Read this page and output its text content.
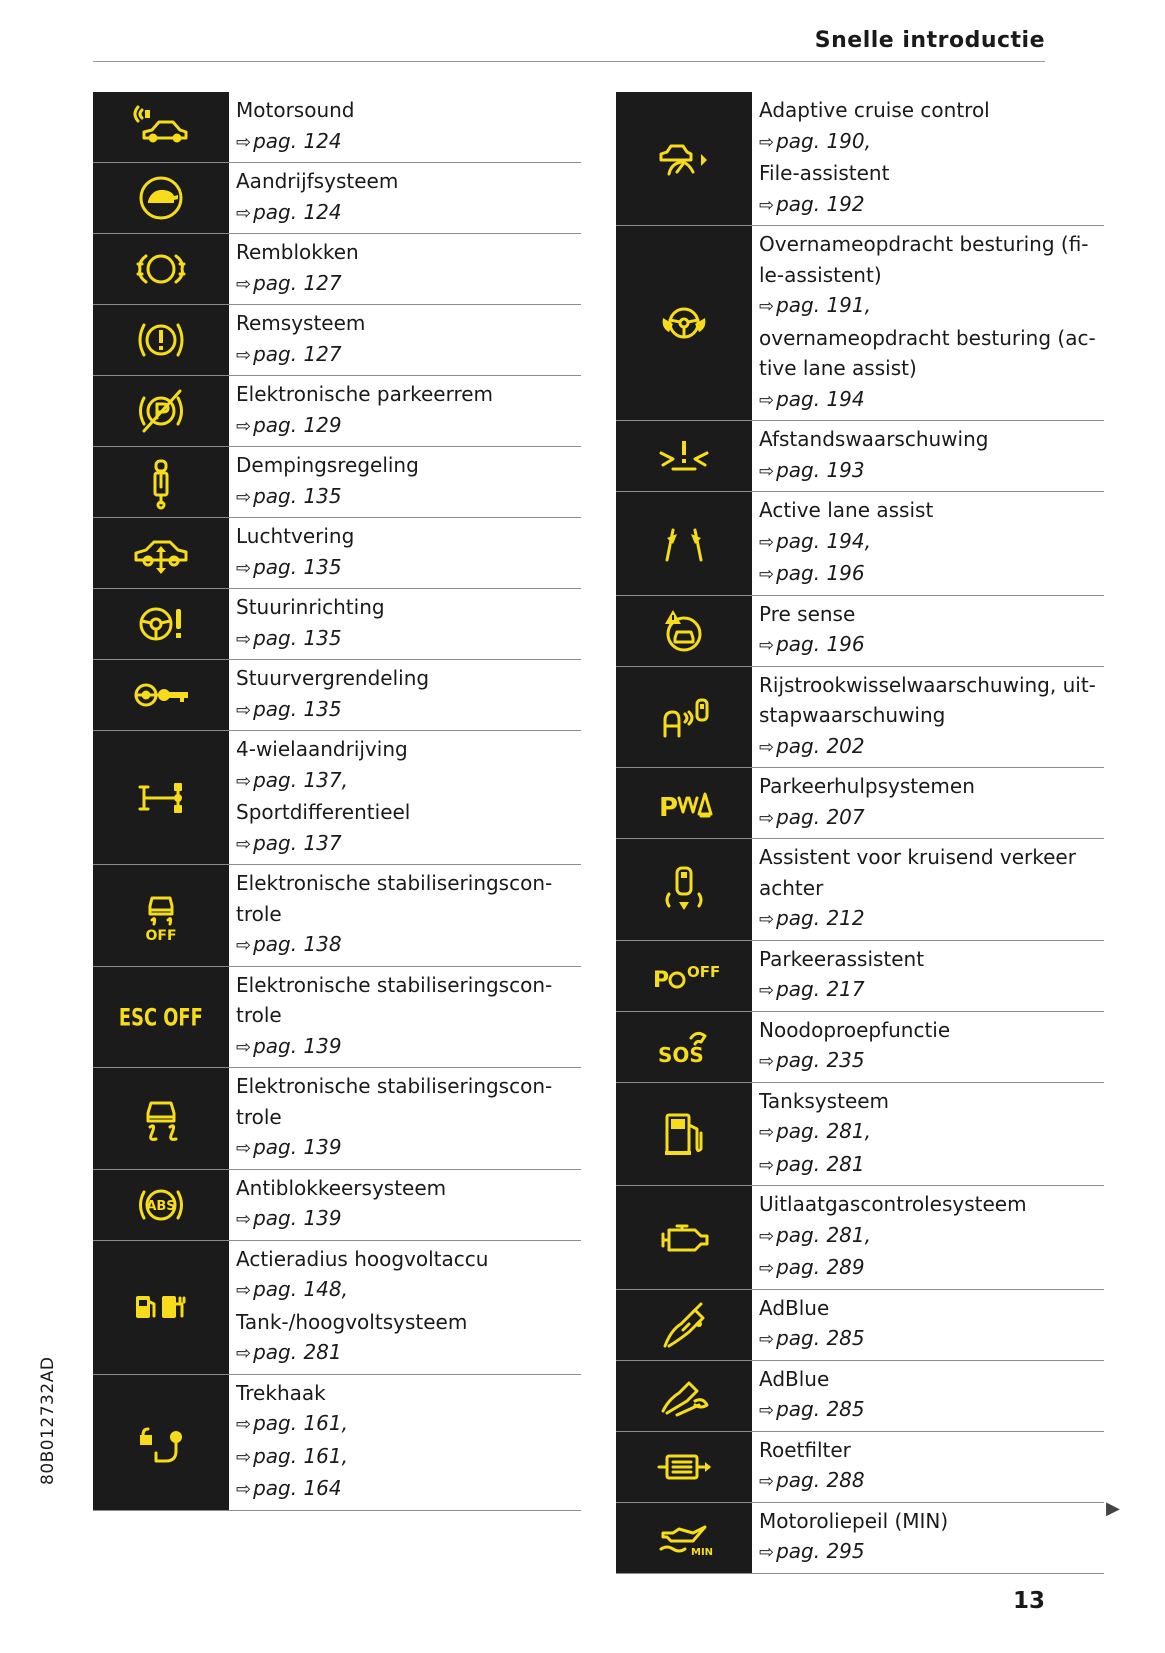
Snelle introductie
Motorsound
⇨ pag. 124
Aandrijfsysteem
⇨ pag. 124
Remblokken
⇨ pag. 127
Remsysteem
⇨ pag. 127
Elektronische parkeerrem
⇨ pag. 129
Dempingsregeling
⇨ pag. 135
Luchtvering
⇨ pag. 135
Stuurinrichting
⇨ pag. 135
Stuurvergrendeling
⇨ pag. 135
4-wielaandrijving
⇨ pag. 137,
Sportdifferentieel
⇨ pag. 137
OFF
Elektronische stabiliseringscon-
trole
⇨ pag. 138
ESC OFF
Elektronische stabiliseringscon-
trole
⇨ pag. 139
Elektronische stabiliseringscon-
trole
⇨ pag. 139
ABS
Antiblokkeersysteem
⇨ pag. 139
Actieradius hoogvoltaccu
⇨ pag. 148,
Tank-/hoogvoltsysteem
⇨ pag. 281
Trekhaak
⇨ pag. 161,
⇨ pag. 161,
⇨ pag. 164
Adaptive cruise control
⇨ pag. 190,
File-assistent
⇨ pag. 192
Overnameopdracht besturing (fi-
le-assistent)
⇨ pag. 191,
overnameopdracht besturing (ac-
tive lane assist)
⇨ pag. 194
Afstandswaarschuwing
⇨ pag. 193
Active lane assist
⇨ pag. 194,
⇨ pag. 196
Pre sense
⇨ pag. 196
Rijstrookwisselwaarschuwing, uit-
stapwaarschuwing
⇨ pag. 202
P
Parkeerhulpsystemen
⇨ pag. 207
Assistent voor kruisend verkeer
achter
⇨ pag. 212
P OFF
Parkeerassistent
⇨ pag. 217
SOS
Noodoproepfunctie
⇨ pag. 235
Tanksysteem
⇨ pag. 281,
⇨ pag. 281
Uitlaatgascontrolesysteem
⇨ pag. 281,
⇨ pag. 289
AdBlue
⇨ pag. 285
AdBlue
⇨ pag. 285
Roetfilter
⇨ pag. 288
MIN
Motoroliepeil (MIN)
⇨ pag. 295
80B012732AD
▶
13
